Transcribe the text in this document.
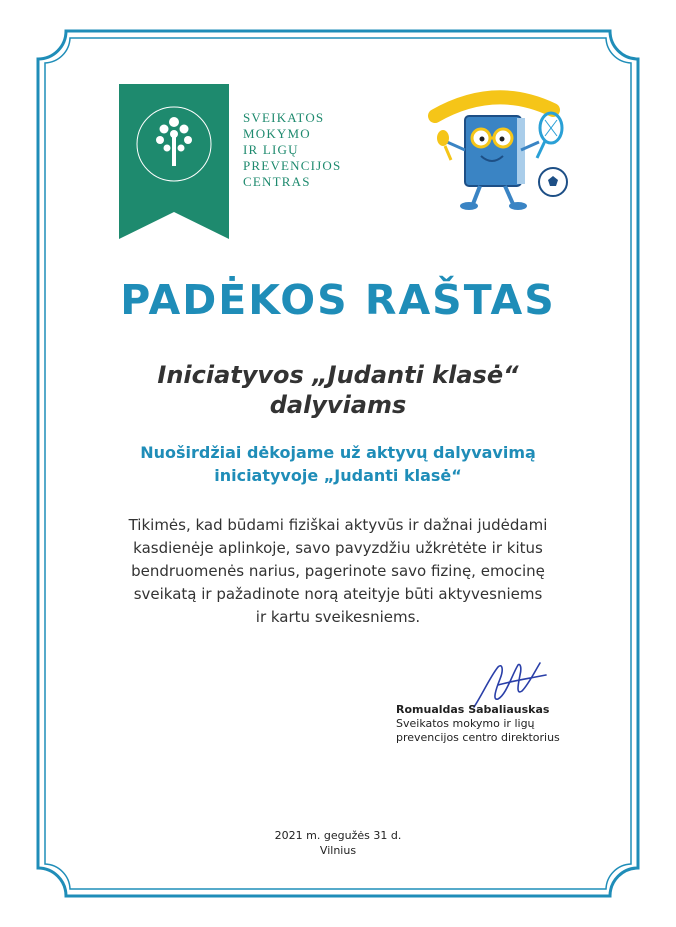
SVEIKATOS
MOKYMO
IR LIGŲ
PREVENCIJOS
CENTRAS
PADĖKOS RAŠTAS
Iniciatyvos „Judanti klasė“
dalyviams
Nuoširdžiai dėkojame už aktyvų dalyvavimą
iniciatyvoje „Judanti klasė“
Tikimės, kad būdami fiziškai aktyvūs ir dažnai judėdami
kasdienėje aplinkoje, savo pavyzdžiu užkrėtėte ir kitus
bendruomenės narius, pagerinote savo fizinę, emocinę
sveikatą ir pažadinote norą ateityje būti aktyvesniems
ir kartu sveikesniems.
Romualdas Sabaliauskas
Sveikatos mokymo ir ligų
prevencijos centro direktorius
2021 m. gegužės 31 d.
Vilnius
